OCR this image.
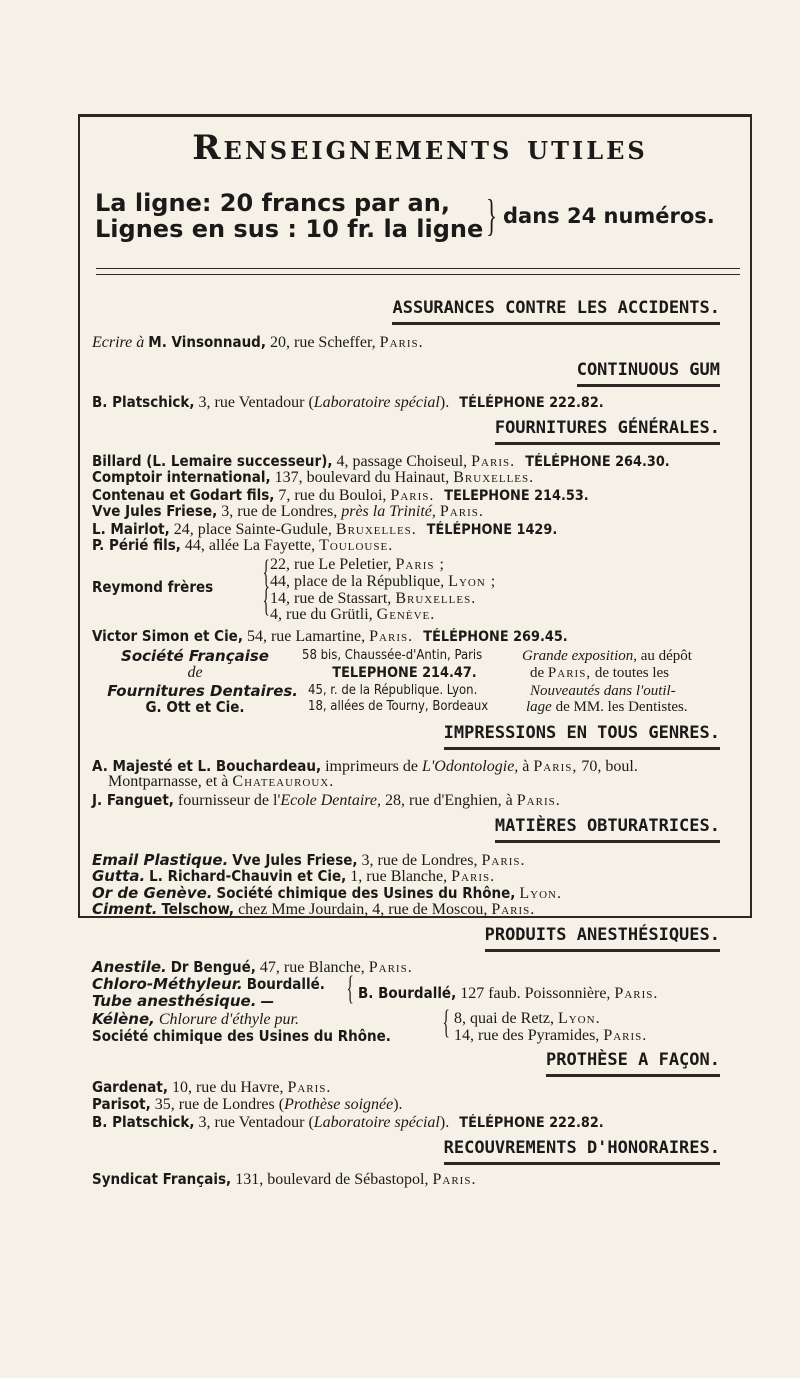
Renseignements utiles
La ligne: 20 francs par an,
Lignes en sus : 10 fr. la ligne } dans 24 numéros.
ASSURANCES CONTRE LES ACCIDENTS.
Ecrire à M. Vinsonnaud, 20, rue Scheffer, Paris.
CONTINUOUS GUM
B. Platschick, 3, rue Ventadour (Laboratoire spécial). TÉLÉPHONE 222.82.
FOURNITURES GÉNÉRALES.
Billard (L. Lemaire successeur), 4, passage Choiseul, Paris. TÉLÉPHONE 264.30.
Comptoir international, 137, boulevard du Hainaut, Bruxelles.
Contenau et Godart fils, 7, rue du Bouloi, Paris. TELEPHONE 214.53.
Vve Jules Friese, 3, rue de Londres, près la Trinité, Paris.
L. Mairlot, 24, place Sainte-Gudule, Bruxelles. TÉLÉPHONE 1429.
P. Périé fils, 44, allée La Fayette, Toulouse.
Reymond frères {
{
22, rue Le Peletier, Paris ;
44, place de la République, Lyon ;
14, rue de Stassart, Bruxelles.
4, rue du Grütli, Genève.
Victor Simon et Cie, 54, rue Lamartine, Paris. TÉLÉPHONE 269.45.
Société Française
de
Fournitures Dentaires.
G. Ott et Cie.
58 bis, Chaussée-d'Antin, Paris
TELEPHONE 214.47.
45, r. de la République. Lyon.
18, allées de Tourny, Bordeaux
Grande exposition, au dépôt
de Paris, de toutes les
Nouveautés dans l'outil-
lage de MM. les Dentistes.
IMPRESSIONS EN TOUS GENRES.
A. Majesté et L. Bouchardeau, imprimeurs de L'Odontologie, à Paris, 70, boul.
Montparnasse, et à Chateauroux.
J. Fanguet, fournisseur de l'Ecole Dentaire, 28, rue d'Enghien, à Paris.
MATIÈRES OBTURATRICES.
Email Plastique. Vve Jules Friese, 3, rue de Londres, Paris.
Gutta. L. Richard-Chauvin et Cie, 1, rue Blanche, Paris.
Or de Genève. Société chimique des Usines du Rhône, Lyon.
Ciment. Telschow, chez Mme Jourdain, 4, rue de Moscou, Paris.
PRODUITS ANESTHÉSIQUES.
Anestile. Dr Bengué, 47, rue Blanche, Paris.
Chloro-Méthyleur. Bourdallé.
Tube anesthésique. — { B. Bourdallé, 127 faub. Poissonnière, Paris.
Kélène, Chlorure d'éthyle pur.
Société chimique des Usines du Rhône. { 8, quai de Retz, Lyon.
14, rue des Pyramides, Paris.
PROTHÈSE A FAÇON.
Gardenat, 10, rue du Havre, Paris.
Parisot, 35, rue de Londres (Prothèse soignée).
B. Platschick, 3, rue Ventadour (Laboratoire spécial). TÉLÉPHONE 222.82.
RECOUVREMENTS D'HONORAIRES.
Syndicat Français, 131, boulevard de Sébastopol, Paris.
